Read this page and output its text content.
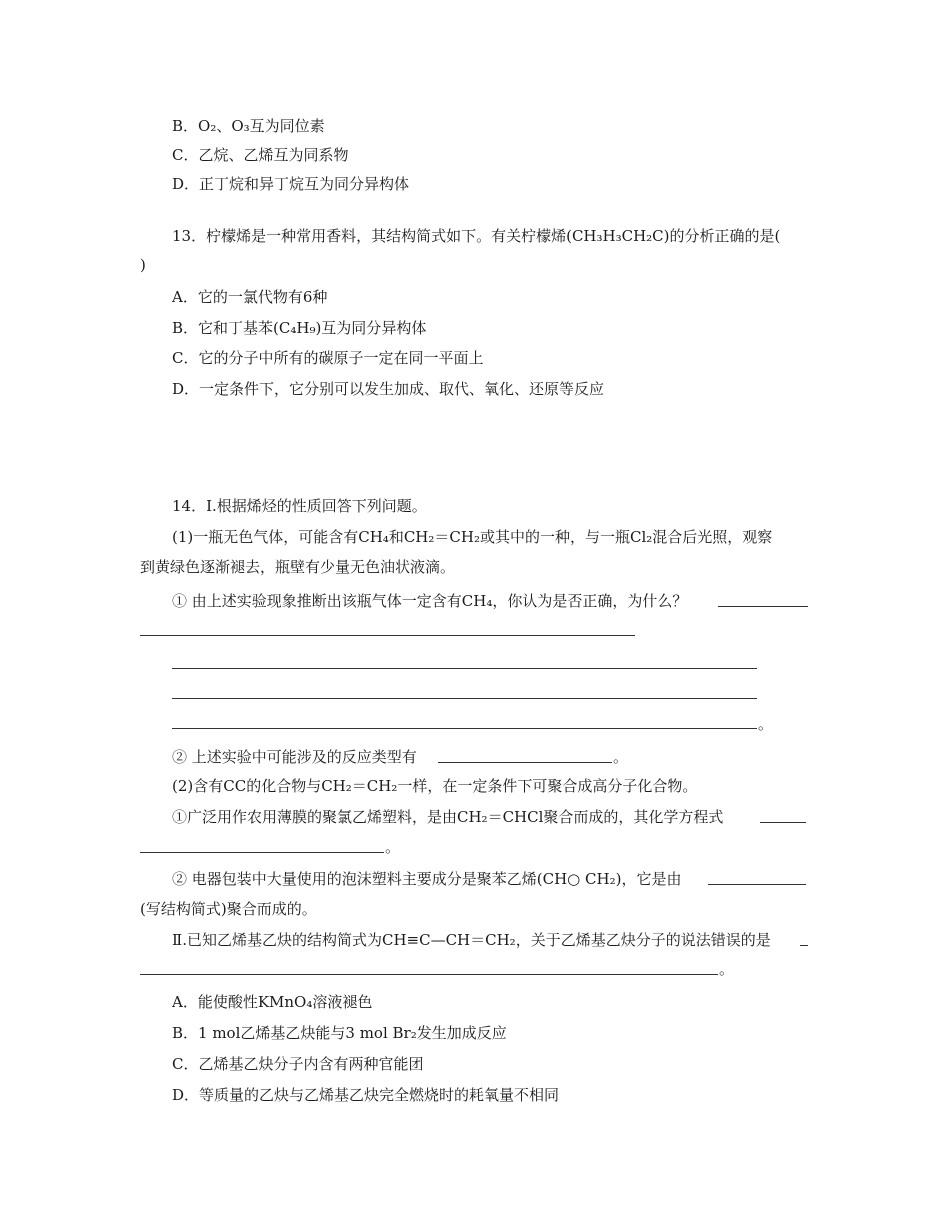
B．O₂、O₃互为同位素
C．乙烷、乙烯互为同系物
D．正丁烷和异丁烷互为同分异构体
13．柠檬烯是一种常用香料，其结构简式如下。有关柠檬烯(CH₃H₃CH₂C)的分析正确的是(
)
A．它的一氯代物有6种
B．它和丁基苯(C₄H₉)互为同分异构体
C．它的分子中所有的碳原子一定在同一平面上
D．一定条件下，它分别可以发生加成、取代、氧化、还原等反应
14．Ⅰ.根据烯烃的性质回答下列问题。
(1)一瓶无色气体，可能含有CH₄和CH₂＝CH₂或其中的一种，与一瓶Cl₂混合后光照，观察
到黄绿色逐渐褪去，瓶壁有少量无色油状液滴。
① 由上述实验现象推断出该瓶气体一定含有CH₄，你认为是否正确，为什么？
。
② 上述实验中可能涉及的反应类型有	。
(2)含有CC的化合物与CH₂＝CH₂一样，在一定条件下可聚合成高分子化合物。
①广泛用作农用薄膜的聚氯乙烯塑料，是由CH₂＝CHCl聚合而成的，其化学方程式
。
② 电器包装中大量使用的泡沫塑料主要成分是聚苯乙烯(CH○ CH₂)，它是由
(写结构简式)聚合而成的。
Ⅱ.已知乙烯基乙炔的结构简式为CH≡C—CH＝CH₂，关于乙烯基乙炔分子的说法错误的是
。
A．能使酸性KMnO₄溶液褪色
B．1 mol乙烯基乙炔能与3 mol Br₂发生加成反应
C．乙烯基乙炔分子内含有两种官能团
D．等质量的乙炔与乙烯基乙炔完全燃烧时的耗氧量不相同
